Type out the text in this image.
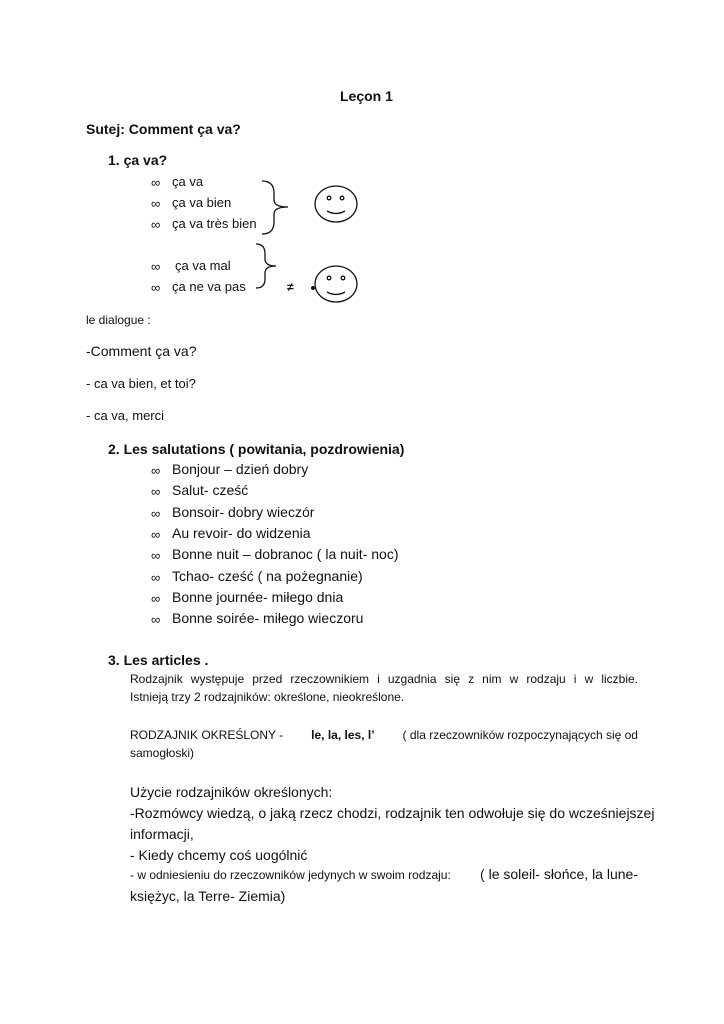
Leçon 1
Sutej: Comment ça va?
1. ça va?
∞ ça va
∞ ça va bien
∞ ça va très bien
∞ ça va mal
∞ ça ne va pas	≠
le dialogue :
-Comment ça va?
- ca va bien, et toi?
- ca va, merci
2. Les salutations ( powitania, pozdrowienia)
∞ Bonjour – dzień dobry
∞ Salut- cześć
∞ Bonsoir- dobry wieczór
∞ Au revoir- do widzenia
∞ Bonne nuit – dobranoc ( la nuit- noc)
∞ Tchao- cześć ( na pożegnanie)
∞ Bonne journée- miłego dnia
∞ Bonne soirée- miłego wieczoru
3. Les articles .
Rodzajnik występuje przed rzeczownikiem i uzgadnia się z nim w rodzaju i w liczbie.
Istnieją trzy 2 rodzajników: określone, nieokreślone.
RODZAJNIK OKREŚLONY - le, la, les, l’ ( dla rzeczowników rozpoczynających się od
samogłoski)
Użycie rodzajników określonych:
-Rozmówcy wiedzą, o jaką rzecz chodzi, rodzajnik ten odwołuje się do wcześniejszej
informacji,
- Kiedy chcemy coś uogólnić
- w odniesieniu do rzeczowników jedynych w swoim rodzaju: ( le soleil- słońce, la lune-
księżyc, la Terre- Ziemia)
